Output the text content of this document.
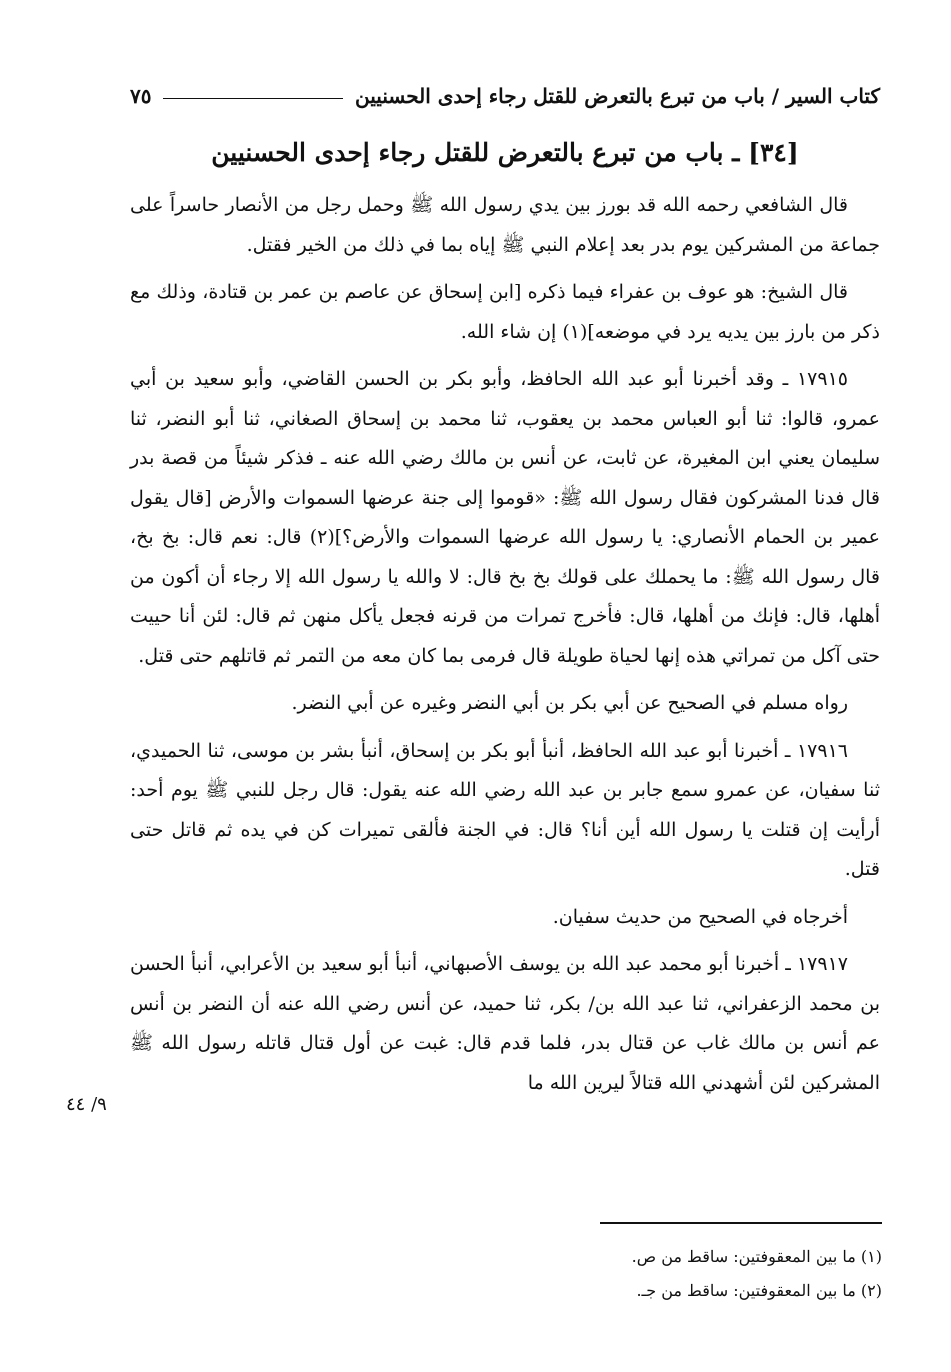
كتاب السير / باب من تبرع بالتعرض للقتل رجاء إحدى الحسنيين
٧٥
[٣٤] ـ باب من تبرع بالتعرض للقتل رجاء إحدى الحسنيين

قال الشافعي رحمه الله قد بورز بين يدي رسول الله ﷺ وحمل رجل من الأنصار حاسراً على جماعة من المشركين يوم بدر بعد إعلام النبي ﷺ إياه بما في ذلك من الخير فقتل.

قال الشيخ: هو عوف بن عفراء فيما ذكره [ابن إسحاق عن عاصم بن عمر بن قتادة، وذلك مع ذكر من بارز بين يديه يرد في موضعه](١) إن شاء الله.

١٧٩١٥ ـ وقد أخبرنا أبو عبد الله الحافظ، وأبو بكر بن الحسن القاضي، وأبو سعيد بن أبي عمرو، قالوا: ثنا أبو العباس محمد بن يعقوب، ثنا محمد بن إسحاق الصغاني، ثنا أبو النضر، ثنا سليمان يعني ابن المغيرة، عن ثابت، عن أنس بن مالك رضي الله عنه ـ فذكر شيئاً من قصة بدر قال فدنا المشركون فقال رسول الله ﷺ: «قوموا إلى جنة عرضها السموات والأرض [قال يقول عمير بن الحمام الأنصاري: يا رسول الله عرضها السموات والأرض؟](٢) قال: نعم قال: بخ بخ، قال رسول الله ﷺ: ما يحملك على قولك بخ بخ قال: لا والله يا رسول الله إلا رجاء أن أكون من أهلها، قال: فإنك من أهلها، قال: فأخرج تمرات من قرنه فجعل يأكل منهن ثم قال: لئن أنا حييت حتى آكل من تمراتي هذه إنها لحياة طويلة قال فرمى بما كان معه من التمر ثم قاتلهم حتى قتل.

رواه مسلم في الصحيح عن أبي بكر بن أبي النضر وغيره عن أبي النضر.

١٧٩١٦ ـ أخبرنا أبو عبد الله الحافظ، أنبأ أبو بكر بن إسحاق، أنبأ بشر بن موسى، ثنا الحميدي، ثنا سفيان، عن عمرو سمع جابر بن عبد الله رضي الله عنه يقول: قال رجل للنبي ﷺ يوم أحد: أرأيت إن قتلت يا رسول الله أين أنا؟ قال: في الجنة فألقى تميرات كن في يده ثم قاتل حتى قتل.

أخرجاه في الصحيح من حديث سفيان.

١٧٩١٧ ـ أخبرنا أبو محمد عبد الله بن يوسف الأصبهاني، أنبأ أبو سعيد بن الأعرابي، أنبأ الحسن بن محمد الزعفراني، ثنا عبد الله بن/ بكر، ثنا حميد، عن أنس رضي الله عنه أن النضر بن أنس عم أنس بن مالك غاب عن قتال بدر، فلما قدم قال: غبت عن أول قتال قاتله رسول الله ﷺ المشركين لئن أشهدني الله قتالاً ليرين الله ما

٩/ ٤٤
(١) ما بين المعقوفتين: ساقط من ص.
(٢) ما بين المعقوفتين: ساقط من جـ.
